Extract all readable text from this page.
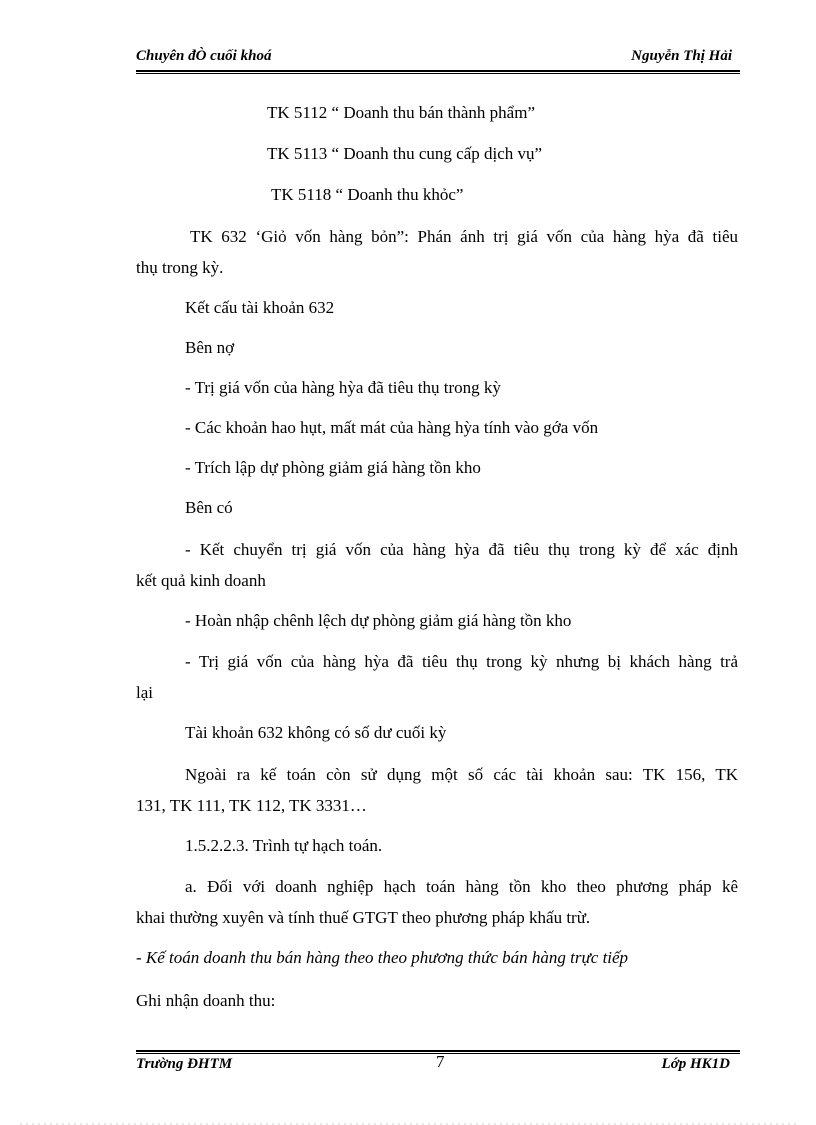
Chuyên đÒ cuối khoá	Nguyễn Thị Hải
TK 5112 “ Doanh thu bán thành phẩm”
TK 5113 “ Doanh thu cung cấp dịch vụ”
TK 5118 “ Doanh thu khỏc”
TK 632 ‘Giỏ vốn hàng bỏn”: Phán ánh trị giá vốn của hàng hỳa đã tiêu
thụ trong kỳ.
Kết cấu tài khoản 632
Bên nợ
- Trị giá vốn của hàng hỳa đã tiêu thụ trong kỳ
- Các khoản hao hụt, mất mát của hàng hỳa tính vào gớa vốn
- Trích lập dự phòng giảm giá hàng tồn kho
Bên có
- Kết chuyển trị giá vốn của hàng hỳa đã tiêu thụ trong kỳ để xác định
kết quả kinh doanh
- Hoàn nhập chênh lệch dự phòng giảm giá hàng tồn kho
- Trị giá vốn của hàng hỳa đã tiêu thụ trong kỳ nhưng bị khách hàng trả
lại
Tài khoản 632 không có số dư cuối kỳ
Ngoài ra kế toán còn sử dụng một số các tài khoản sau: TK 156, TK
131, TK 111, TK 112, TK 3331…
1.5.2.2.3. Trình tự hạch toán.
a. Đối với doanh nghiệp hạch toán hàng tồn kho theo phương pháp kê
khai thường xuyên và tính thuế GTGT theo phương pháp khấu trừ.
- Kế toán doanh thu bán hàng theo theo phương thức bán hàng trực tiếp
Ghi nhận doanh thu:
7
Trường ĐHTM	Lớp HK1D
